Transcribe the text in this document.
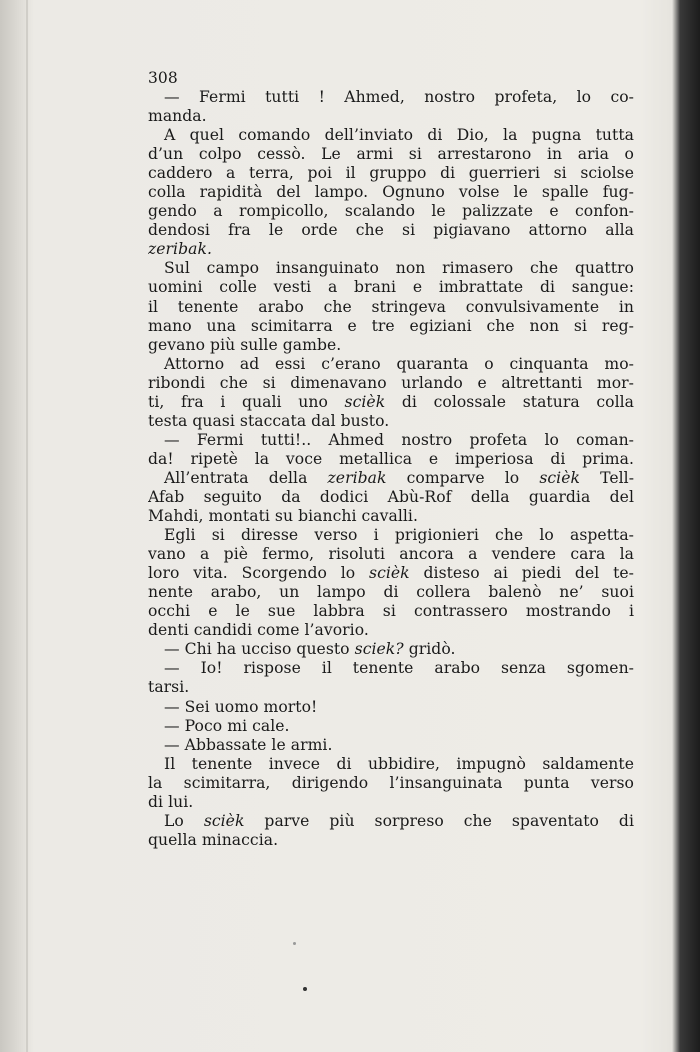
308
— Fermi tutti ! Ahmed, nostro profeta, lo co-
manda.
A quel comando dell’inviato di Dio, la pugna tutta
d’un colpo cessò. Le armi si arrestarono in aria o
caddero a terra, poi il gruppo di guerrieri si sciolse
colla rapidità del lampo. Ognuno volse le spalle fug-
gendo a rompicollo, scalando le palizzate e confon-
dendosi fra le orde che si pigiavano attorno alla
zeribak.
Sul campo insanguinato non rimasero che quattro
uomini colle vesti a brani e imbrattate di sangue:
il tenente arabo che stringeva convulsivamente in
mano una scimitarra e tre egiziani che non si reg-
gevano più sulle gambe.
Attorno ad essi c’erano quaranta o cinquanta mo-
ribondi che si dimenavano urlando e altrettanti mor-
ti, fra i quali uno scièk di colossale statura colla
testa quasi staccata dal busto.
— Fermi tutti!.. Ahmed nostro profeta lo coman-
da! ripetè la voce metallica e imperiosa di prima.
All’entrata della zeribak comparve lo scièk Tell-
Afab seguito da dodici Abù-Rof della guardia del
Mahdi, montati su bianchi cavalli.
Egli si diresse verso i prigionieri che lo aspetta-
vano a piè fermo, risoluti ancora a vendere cara la
loro vita. Scorgendo lo scièk disteso ai piedi del te-
nente arabo, un lampo di collera balenò ne’ suoi
occhi e le sue labbra si contrassero mostrando i
denti candidi come l’avorio.
— Chi ha ucciso questo sciek? gridò.
— Io! rispose il tenente arabo senza sgomen-
tarsi.
— Sei uomo morto!
— Poco mi cale.
— Abbassate le armi.
Il tenente invece di ubbidire, impugnò saldamente
la scimitarra, dirigendo l’insanguinata punta verso
di lui.
Lo scièk parve più sorpreso che spaventato di
quella minaccia.
